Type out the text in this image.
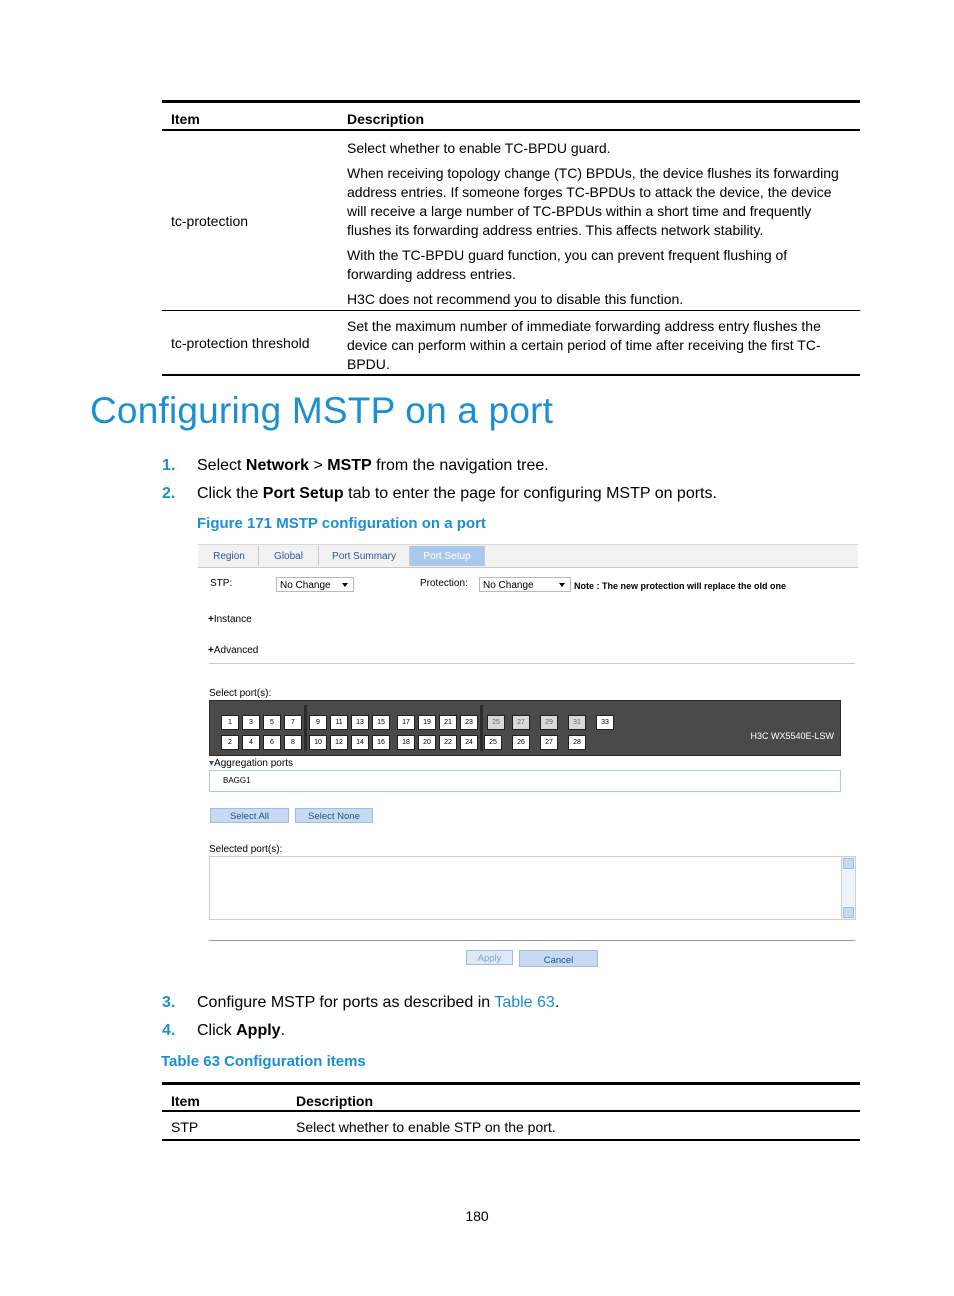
Item	Description
tc-protection	Select whether to enable TC-BPDU guard.

When receiving topology change (TC) BPDUs, the device flushes its forwarding address entries. If someone forges TC-BPDUs to attack the device, the device will receive a large number of TC-BPDUs within a short time and frequently flushes its forwarding address entries. This affects network stability.

With the TC-BPDU guard function, you can prevent frequent flushing of forwarding address entries.

H3C does not recommend you to disable this function.

tc-protection threshold	Set the maximum number of immediate forwarding address entry flushes the device can perform within a certain period of time after receiving the first TC-BPDU.

Configuring MSTP on a port
1. Select Network > MSTP from the navigation tree.
2. Click the Port Setup tab to enter the page for configuring MSTP on ports.
Figure 171 MSTP configuration on a port
Region	Global	Port Summary	Port Setup
STP:	No Change	Protection:	No Change	Note : The new protection will replace the old one
+Instance
+Advanced
Select port(s):
1	3	5	7	9	11	13	15	17	19	21	23	25	27	29	31	33
2	4	6	8	10	12	14	16	18	20	22	24	25	26	27	28
H3C WX5540E-LSW
▾Aggregation ports
BAGG1
Select All	Select None
Selected port(s):
Apply	Cancel
3. Configure MSTP for ports as described in Table 63.
4. Click Apply.
Table 63 Configuration items
Item	Description
STP	Select whether to enable STP on the port.
180
